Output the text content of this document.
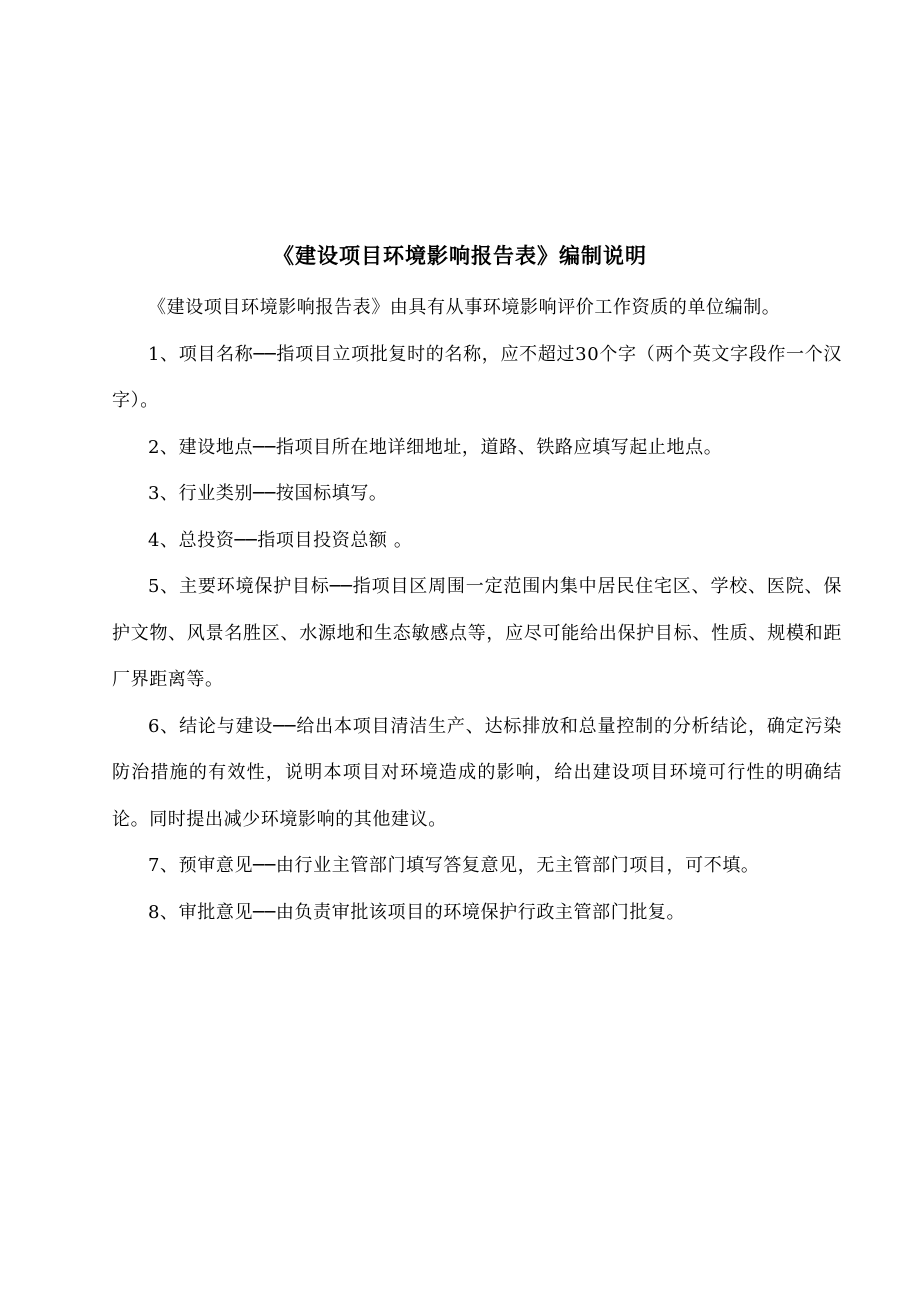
《建设项目环境影响报告表》编制说明

《建设项目环境影响报告表》由具有从事环境影响评价工作资质的单位编制。

1、项目名称──指项目立项批复时的名称，应不超过30个字（两个英文字段作一个汉字）。

2、建设地点──指项目所在地详细地址，道路、铁路应填写起止地点。

3、行业类别──按国标填写。

4、总投资──指项目投资总额 。

5、主要环境保护目标──指项目区周围一定范围内集中居民住宅区、学校、医院、保护文物、风景名胜区、水源地和生态敏感点等，应尽可能给出保护目标、性质、规模和距厂界距离等。

6、结论与建设──给出本项目清洁生产、达标排放和总量控制的分析结论，确定污染防治措施的有效性，说明本项目对环境造成的影响，给出建设项目环境可行性的明确结论。同时提出减少环境影响的其他建议。

7、预审意见──由行业主管部门填写答复意见，无主管部门项目，可不填。

8、审批意见──由负责审批该项目的环境保护行政主管部门批复。
